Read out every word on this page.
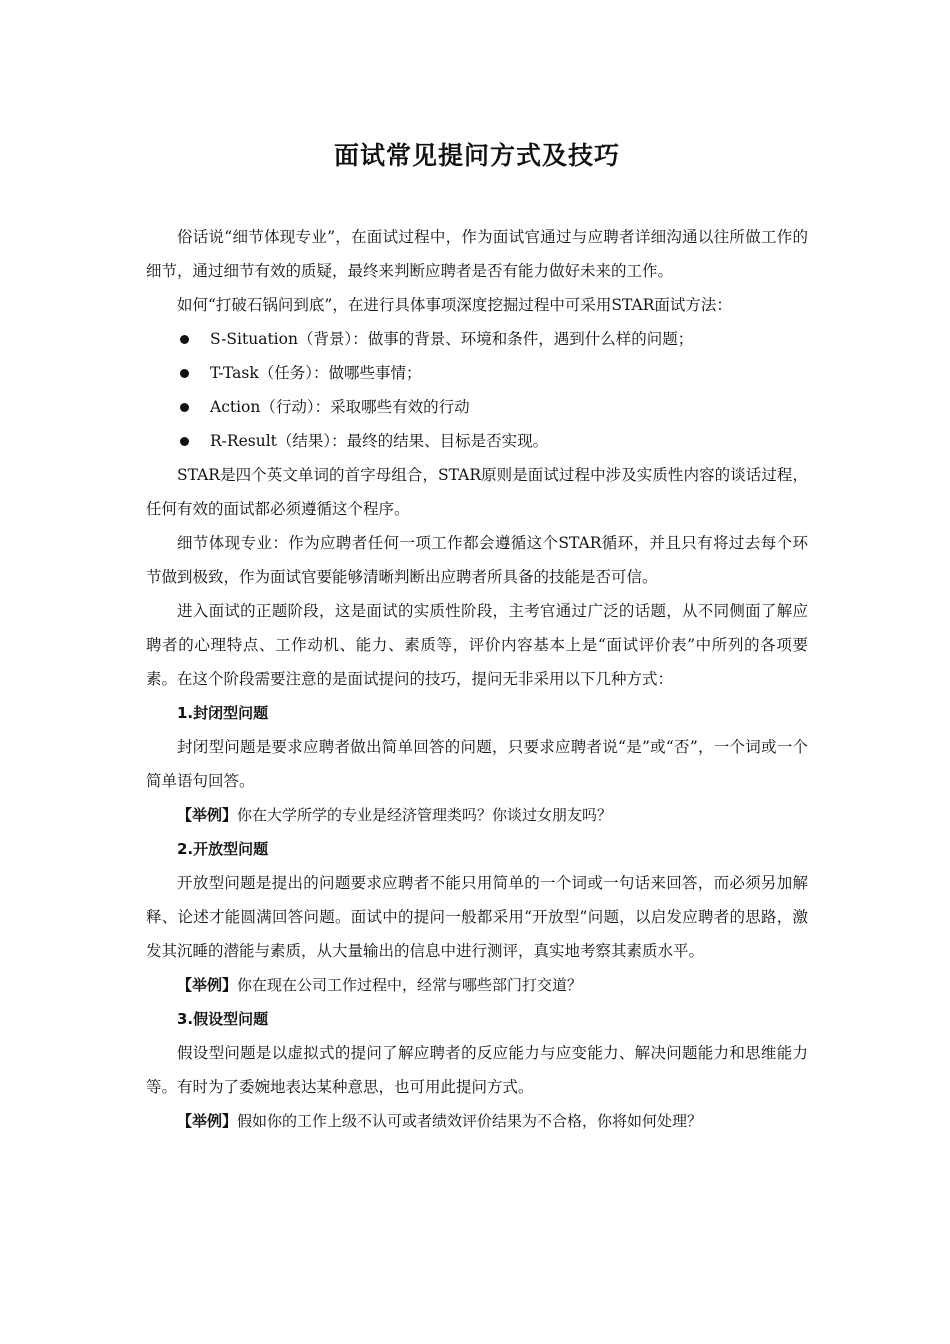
面试常见提问方式及技巧

俗话说“细节体现专业”，在面试过程中，作为面试官通过与应聘者详细沟通以往所做工作的细节，通过细节有效的质疑，最终来判断应聘者是否有能力做好未来的工作。

如何“打破石锅问到底”，在进行具体事项深度挖掘过程中可采用STAR面试方法：

S-Situation（背景）：做事的背景、环境和条件，遇到什么样的问题；
T-Task（任务）：做哪些事情；
Action（行动）：采取哪些有效的行动
R-Result（结果）：最终的结果、目标是否实现。

STAR是四个英文单词的首字母组合，STAR原则是面试过程中涉及实质性内容的谈话过程，任何有效的面试都必须遵循这个程序。

细节体现专业：作为应聘者任何一项工作都会遵循这个STAR循环，并且只有将过去每个环节做到极致，作为面试官要能够清晰判断出应聘者所具备的技能是否可信。

进入面试的正题阶段，这是面试的实质性阶段，主考官通过广泛的话题，从不同侧面了解应聘者的心理特点、工作动机、能力、素质等，评价内容基本上是“面试评价表”中所列的各项要素。在这个阶段需要注意的是面试提问的技巧，提问无非采用以下几种方式：

1.封闭型问题

封闭型问题是要求应聘者做出简单回答的问题，只要求应聘者说“是”或“否”，一个词或一个简单语句回答。

【举例】你在大学所学的专业是经济管理类吗？你谈过女朋友吗？

2.开放型问题

开放型问题是提出的问题要求应聘者不能只用简单的一个词或一句话来回答，而必须另加解释、论述才能圆满回答问题。面试中的提问一般都采用“开放型”问题，以启发应聘者的思路，激发其沉睡的潜能与素质，从大量输出的信息中进行测评，真实地考察其素质水平。

【举例】你在现在公司工作过程中，经常与哪些部门打交道？

3.假设型问题

假设型问题是以虚拟式的提问了解应聘者的反应能力与应变能力、解决问题能力和思维能力等。有时为了委婉地表达某种意思，也可用此提问方式。

【举例】假如你的工作上级不认可或者绩效评价结果为不合格，你将如何处理？
